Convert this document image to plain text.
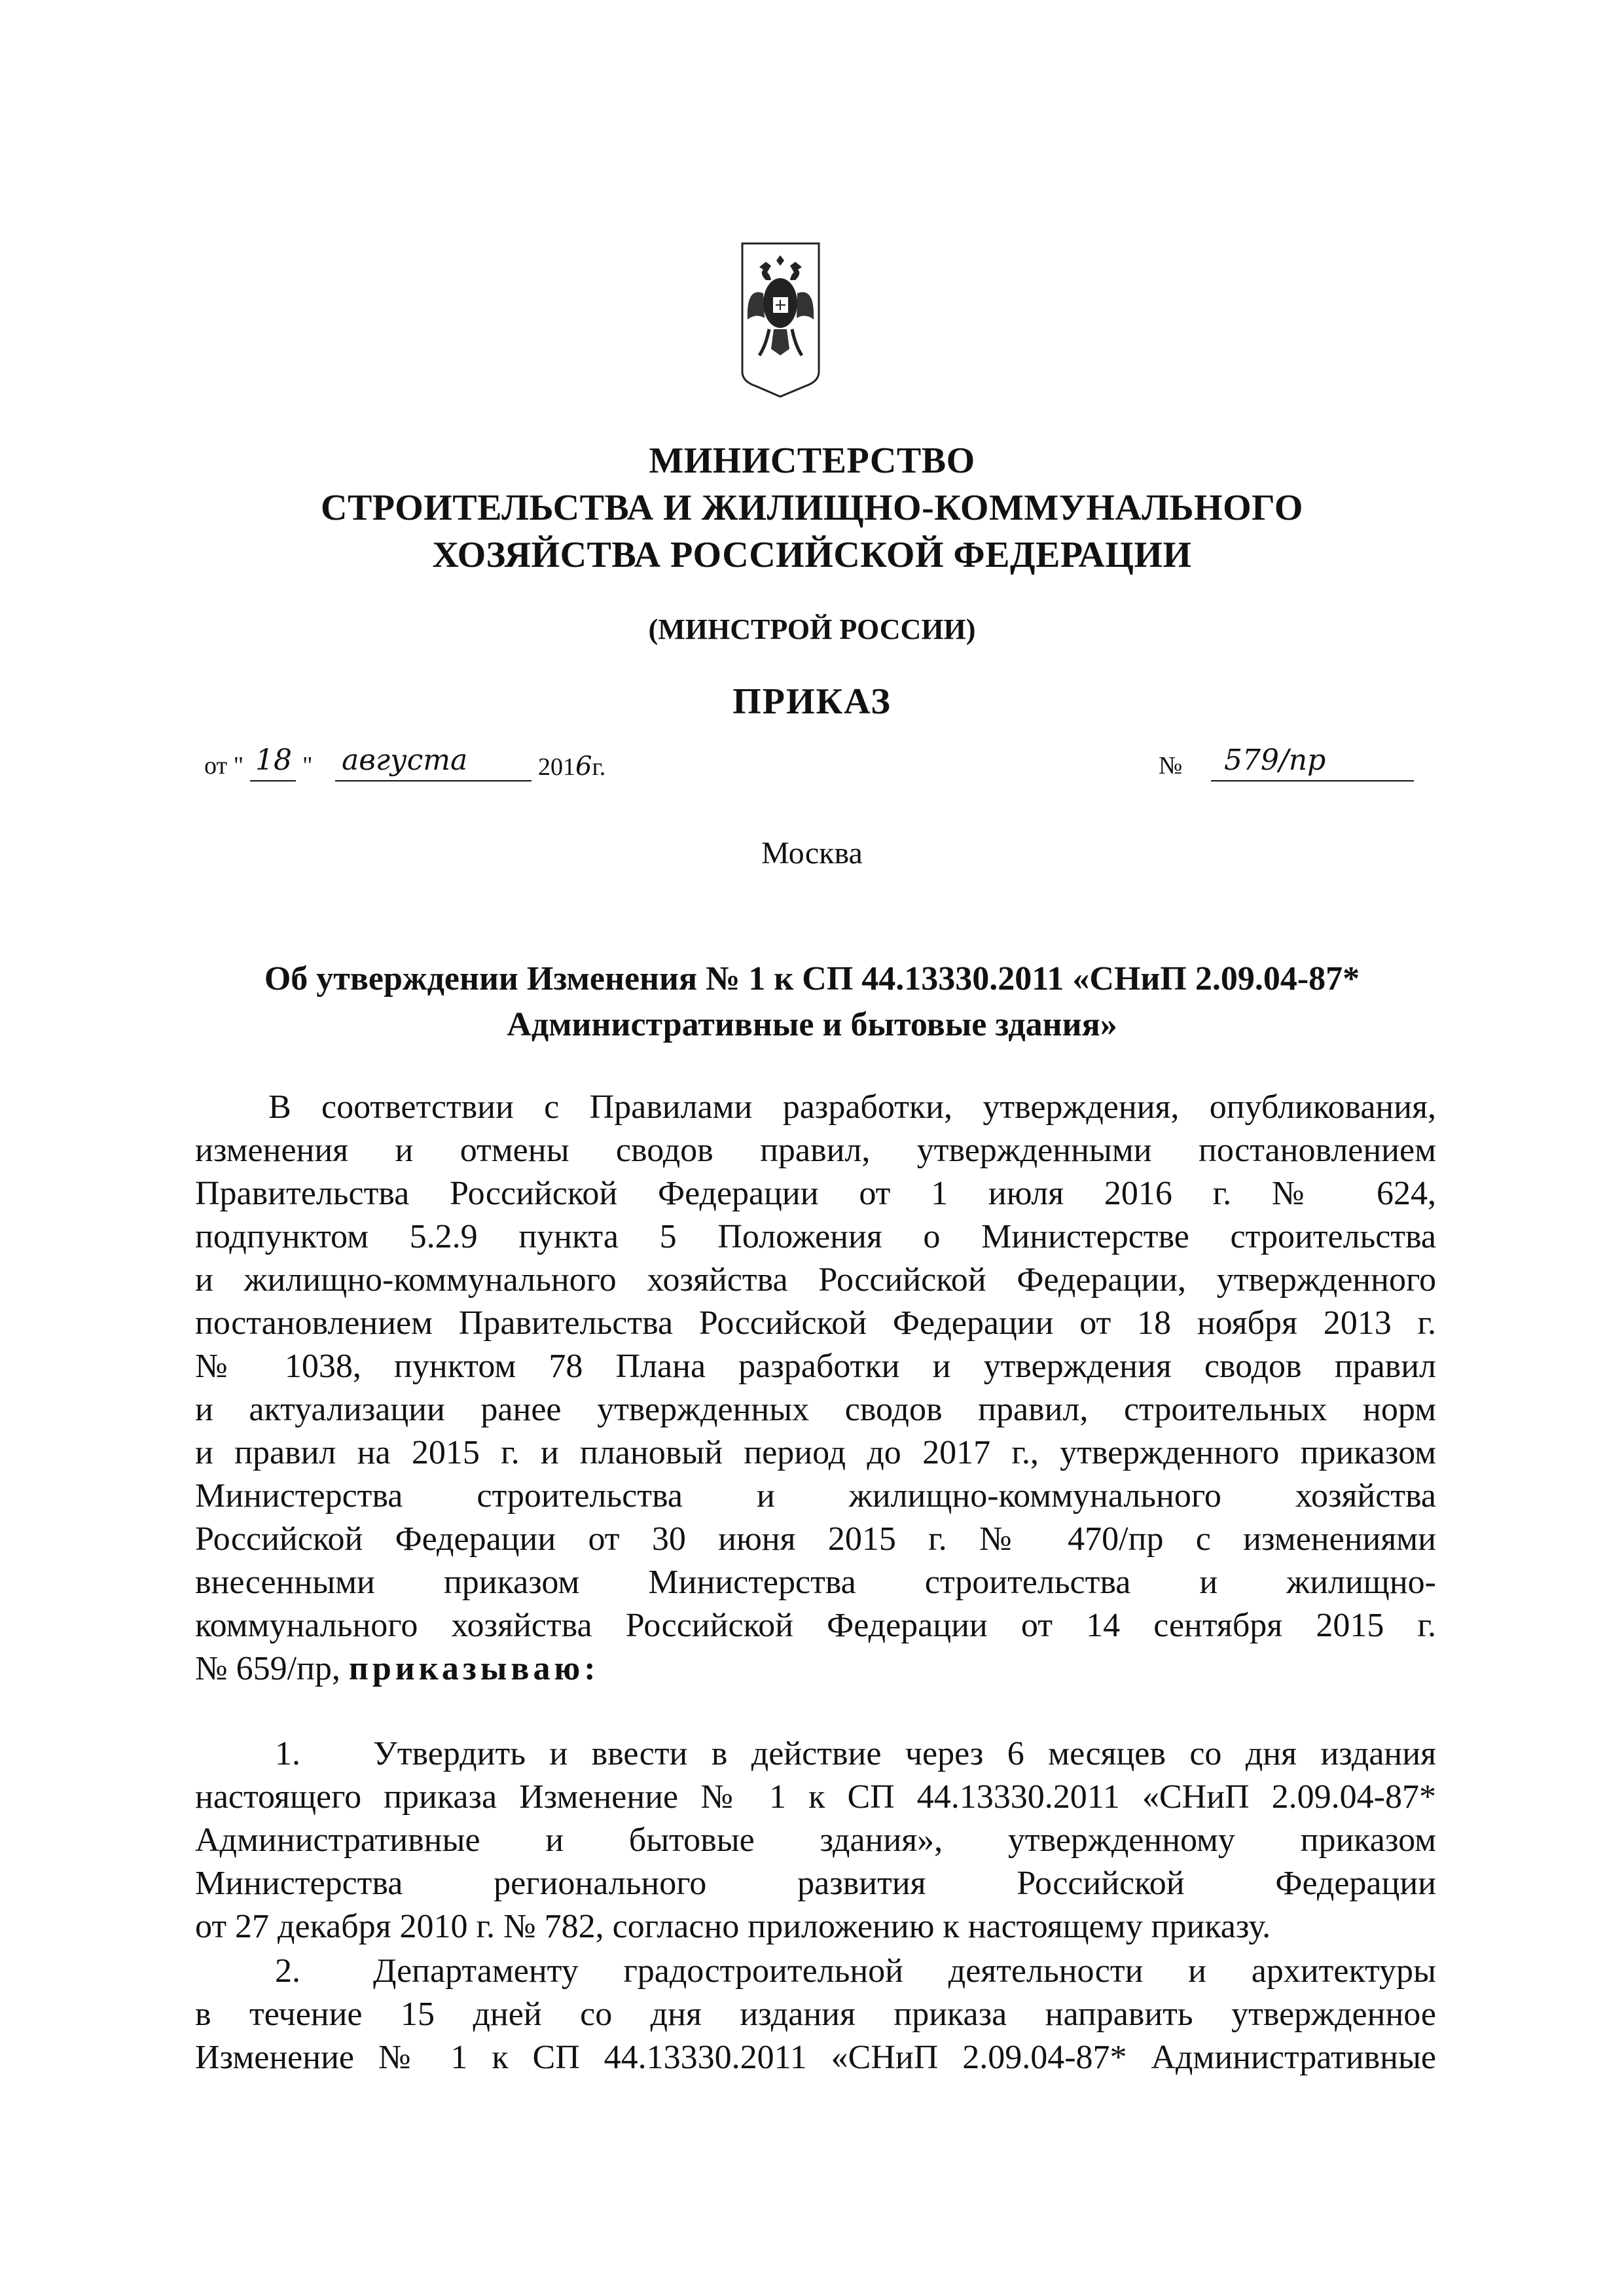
МИНИСТЕРСТВО
СТРОИТЕЛЬСТВА И ЖИЛИЩНО-КОММУНАЛЬНОГО
ХОЗЯЙСТВА РОССИЙСКОЙ ФЕДЕРАЦИИ
(МИНСТРОЙ РОССИИ)
ПРИКАЗ
от " 18 " августа	2016г.	№ 579/пр
Москва
Об утверждении Изменения № 1 к СП 44.13330.2011 «СНиП 2.09.04-87*
Административные и бытовые здания»
В соответствии с Правилами разработки, утверждения, опубликования,
изменения и отмены сводов правил, утвержденными постановлением
Правительства Российской Федерации от 1 июля 2016 г. № 624,
подпунктом 5.2.9 пункта 5 Положения о Министерстве строительства
и жилищно-коммунального хозяйства Российской Федерации, утвержденного
постановлением Правительства Российской Федерации от 18 ноября 2013 г.
№ 1038, пунктом 78 Плана разработки и утверждения сводов правил
и актуализации ранее утвержденных сводов правил, строительных норм
и правил на 2015 г. и плановый период до 2017 г., утвержденного приказом
Министерства строительства и жилищно-коммунального хозяйства
Российской Федерации от 30 июня 2015 г. № 470/пр с изменениями
внесенными приказом Министерства строительства и жилищно-
коммунального хозяйства Российской Федерации от 14 сентября 2015 г.
№ 659/пр, приказываю:
1. Утвердить и ввести в действие через 6 месяцев со дня издания
настоящего приказа Изменение № 1 к СП 44.13330.2011 «СНиП 2.09.04-87*
Административные и бытовые здания», утвержденному приказом
Министерства регионального развития Российской Федерации
от 27 декабря 2010 г. № 782, согласно приложению к настоящему приказу.
2. Департаменту градостроительной деятельности и архитектуры
в течение 15 дней со дня издания приказа направить утвержденное
Изменение № 1 к СП 44.13330.2011 «СНиП 2.09.04-87* Административные
